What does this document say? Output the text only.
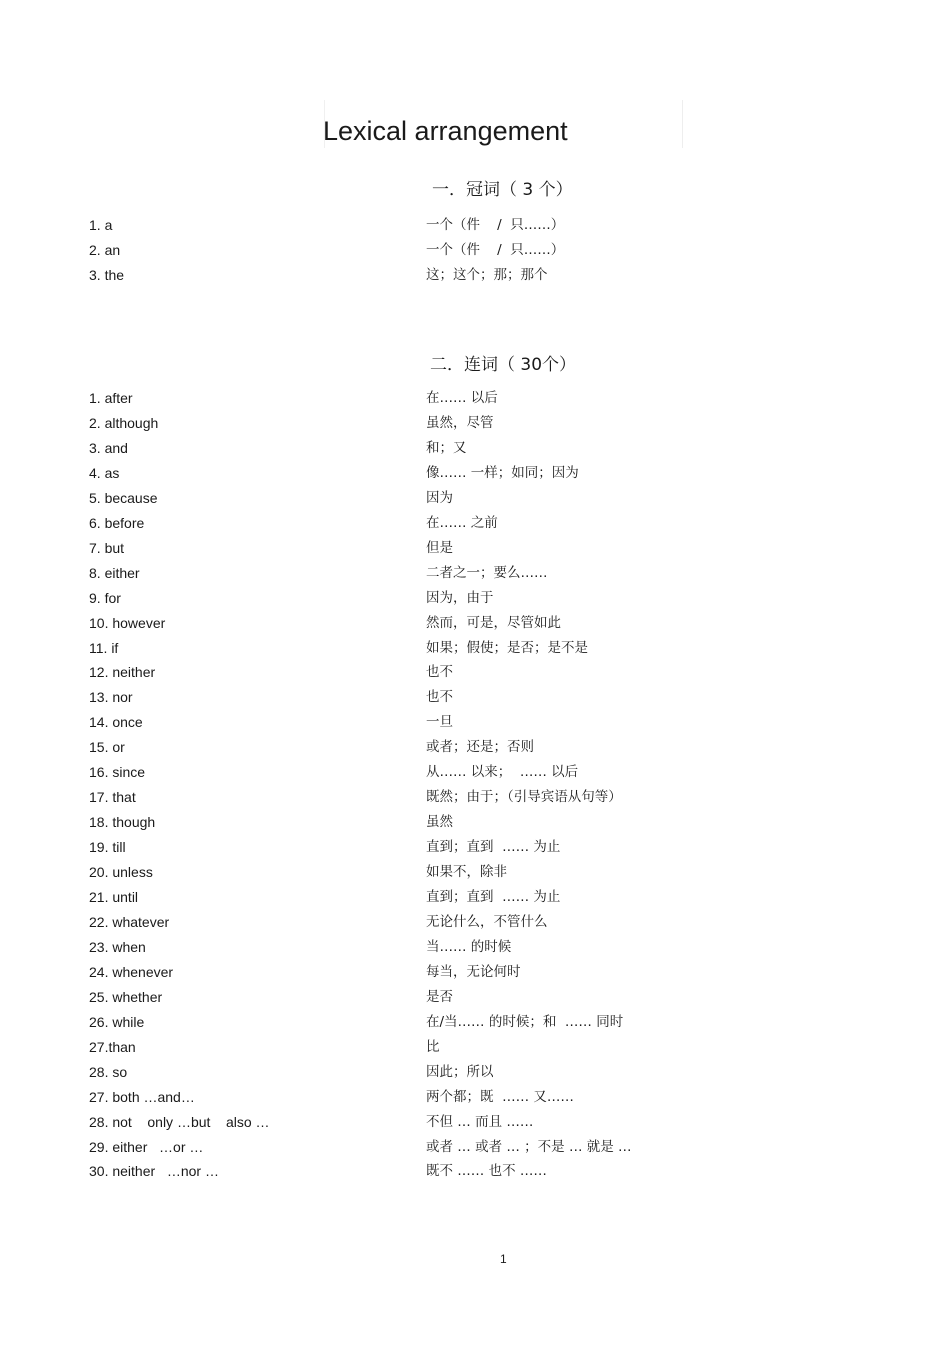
Lexical arrangement
一．冠词（ 3 个）
1. a	一个（件    /  只……）
2. an	一个（件    /  只……）
3. the	这；这个；那；那个
二．连词（ 30个）
1. after	在…… 以后
2. although	虽然，尽管
3. and	和；又
4. as	像…… 一样；如同；因为
5. because	因为
6. before	在…… 之前
7. but	但是
8. either	二者之一；要么……
9. for	因为，由于
10. however	然而，可是，尽管如此
11. if	如果；假使；是否；是不是
12. neither	也不
13. nor	也不
14. once	一旦
15. or	或者；还是；否则
16. since	从…… 以来；  …… 以后
17. that	既然；由于；（引导宾语从句等）
18. though	虽然
19. till	直到；直到  …… 为止
20. unless	如果不，除非
21. until	直到；直到  …… 为止
22. whatever	无论什么，不管什么
23. when	当…… 的时候
24. whenever	每当，无论何时
25. whether	是否
26. while	在/当…… 的时候；和  …… 同时
27.than	比
28. so	因此；所以
27. both …and…	两个都；既  …… 又……
28. not    only …but    also …	不但 … 而且 ……
29. either   …or …	或者 … 或者 … ；不是 … 就是 …
30. neither   …nor …	既不 …… 也不 ……
1
